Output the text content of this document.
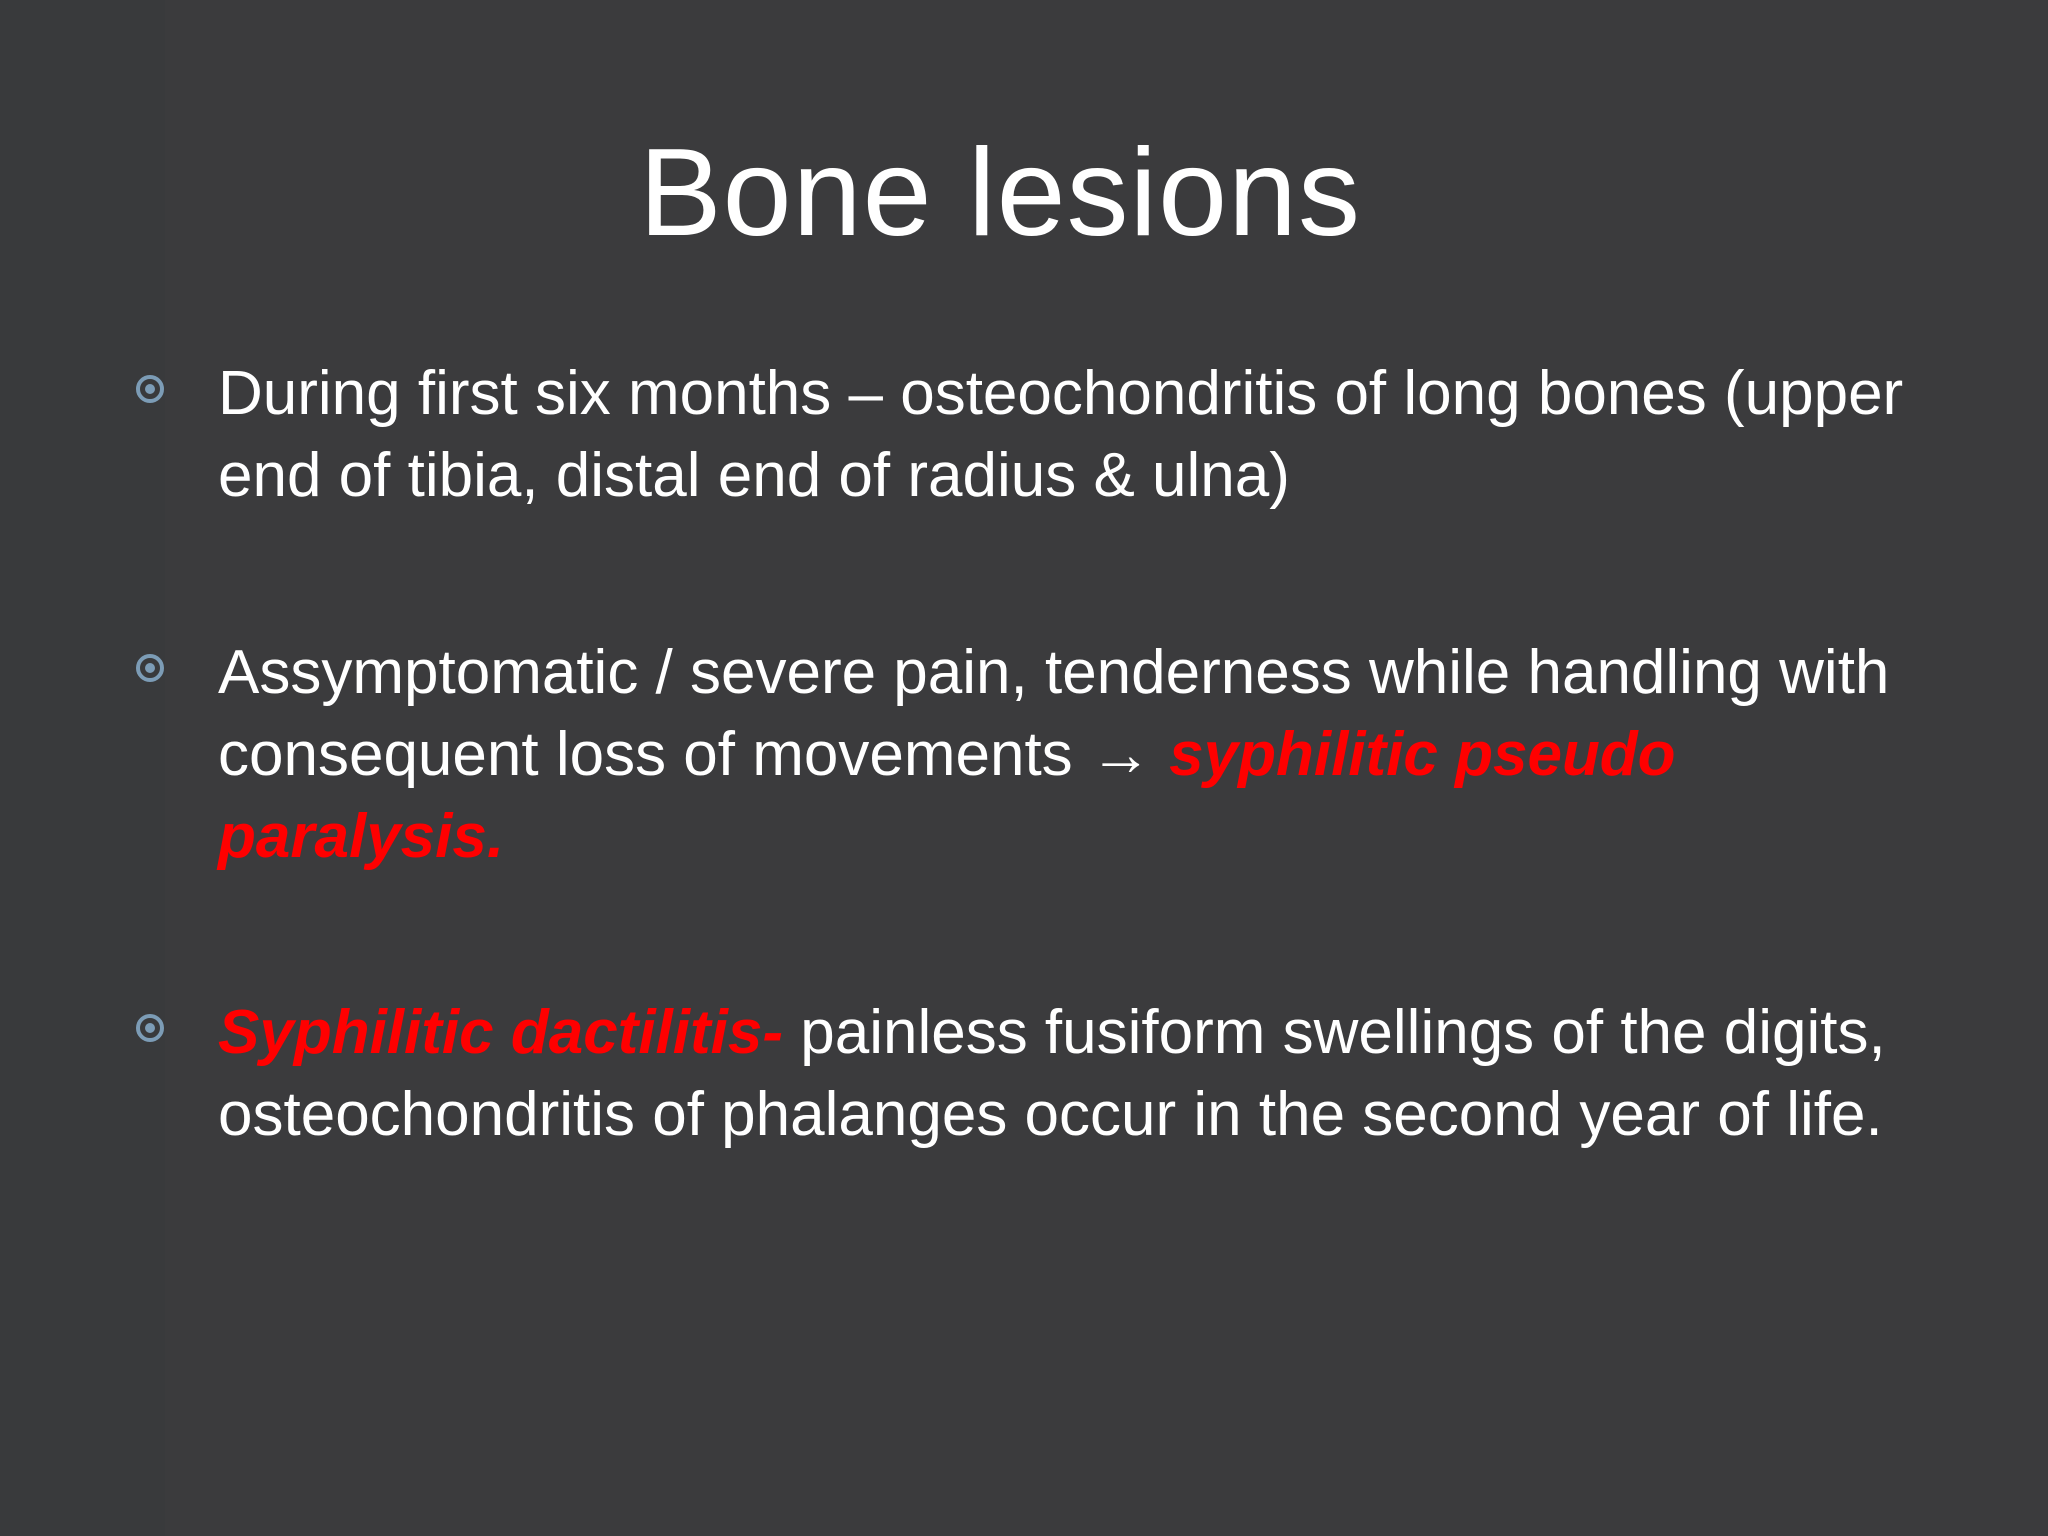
Bone lesions
During first six months – osteochondritis of long bones (upper end of tibia, distal end of radius & ulna)
Assymptomatic / severe pain, tenderness while handling with consequent loss of movements → syphilitic pseudo paralysis.
Syphilitic dactilitis- painless fusiform swellings of the digits, osteochondritis of phalanges occur in the second year of life.
